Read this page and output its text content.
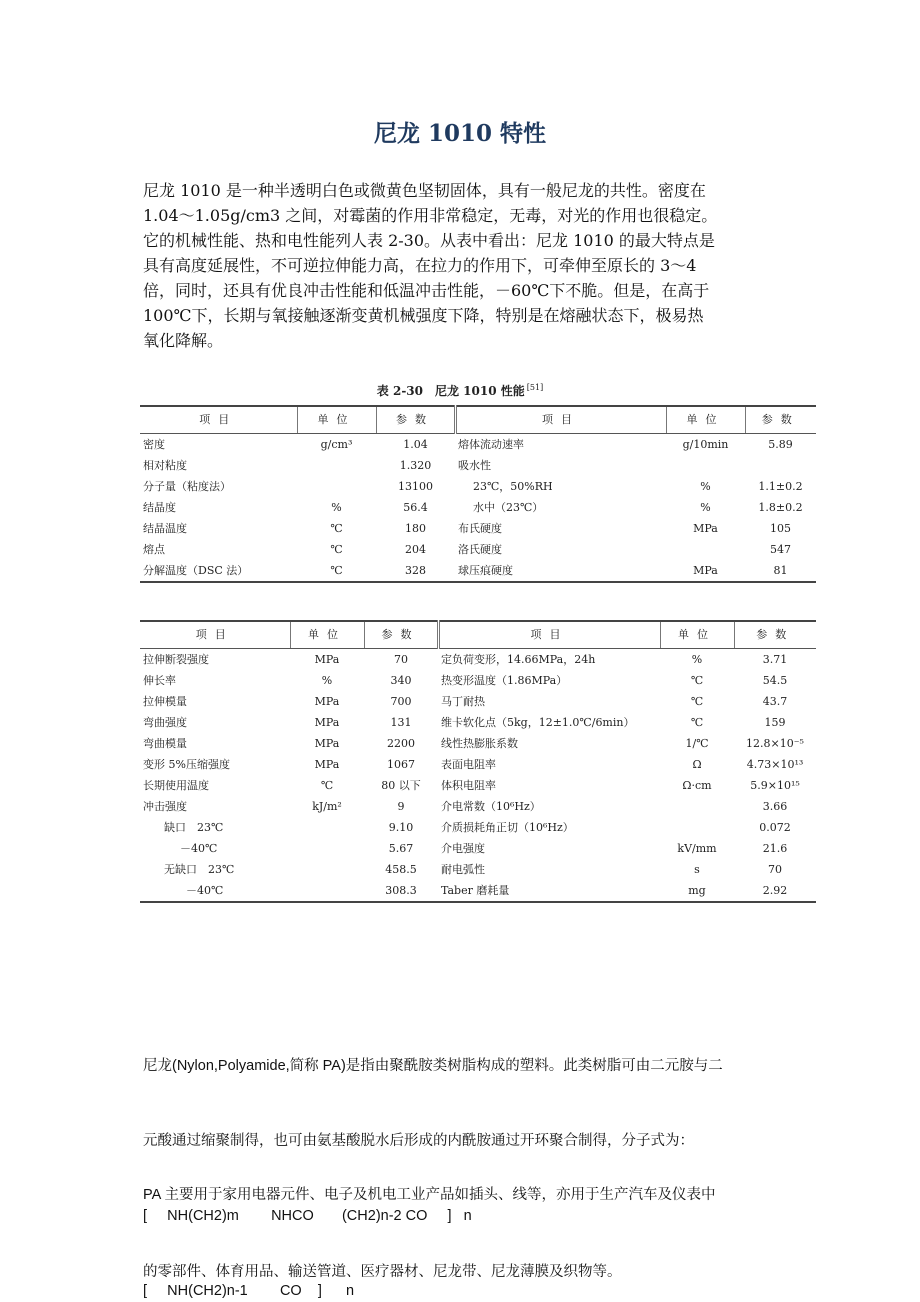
尼龙 1010 特性
尼龙 1010 是一种半透明白色或微黄色坚韧固体，具有一般尼龙的共性。密度在
1.04～1.05g/cm3 之间，对霉菌的作用非常稳定，无毒，对光的作用也很稳定。
它的机械性能、热和电性能列人表 2-30。从表中看出：尼龙 1010 的最大特点是
具有高度延展性，不可逆拉伸能力高，在拉力的作用下，可牵伸至原长的 3～4
倍，同时，还具有优良冲击性能和低温冲击性能，－60℃下不脆。但是，在高于
100℃下，长期与氧接触逐渐变黄机械强度下降，特别是在熔融状态下，极易热
氧化降解。
表 2-30　尼龙 1010 性能 [51]
项目	单位	参数	项目	单位	参数
密度	g/cm³	1.04	熔体流动速率	g/10min	5.89
相对粘度		1.320	吸水性		
分子量（粘度法）		13100	23℃，50%RH	%	1.1±0.2
结晶度	%	56.4	水中（23℃）	%	1.8±0.2
结晶温度	℃	180	布氏硬度	MPa	105
熔点	℃	204	洛氏硬度		547
分解温度（DSC 法）	℃	328	球压痕硬度	MPa	81
项目	单位	参数	项目	单位	参数
拉伸断裂强度	MPa	70	定负荷变形，14.66MPa，24h	%	3.71
伸长率	%	340	热变形温度（1.86MPa）	℃	54.5
拉伸模量	MPa	700	马丁耐热	℃	43.7
弯曲强度	MPa	131	维卡软化点（5kg，12±1.0℃/6min）	℃	159
弯曲模量	MPa	2200	线性热膨胀系数	1/℃	12.8×10⁻⁵
变形 5%压缩强度	MPa	1067	表面电阻率	Ω	4.73×10¹³
长期使用温度	℃	80 以下	体积电阻率	Ω·cm	5.9×10¹⁵
冲击强度	kJ/m²	9	介电常数（10⁶Hz）		3.66
缺口　23℃		9.10	介质损耗角正切（10⁶Hz）		0.072
－40℃		5.67	介电强度	kV/mm	21.6
无缺口　23℃		458.5	耐电弧性	s	70
－40℃		308.3	Taber 磨耗量	mg	2.92

尼龙(Nylon,Polyamide,简称 PA)是指由聚酰胺类树脂构成的塑料。此类树脂可由二元胺与二

元酸通过缩聚制得，也可由氨基酸脱水后形成的内酰胺通过开环聚合制得，分子式为：

[     NH(CH2)m        NHCO       (CH2)n-2 CO     ]   n

[     NH(CH2)n-1        CO    ]      n

PA 主要用于家用电器元件、电子及机电工业产品如插头、线等，亦用于生产汽车及仪表中

的零部件、体育用品、输送管道、医疗器材、尼龙带、尼龙薄膜及织物等。
